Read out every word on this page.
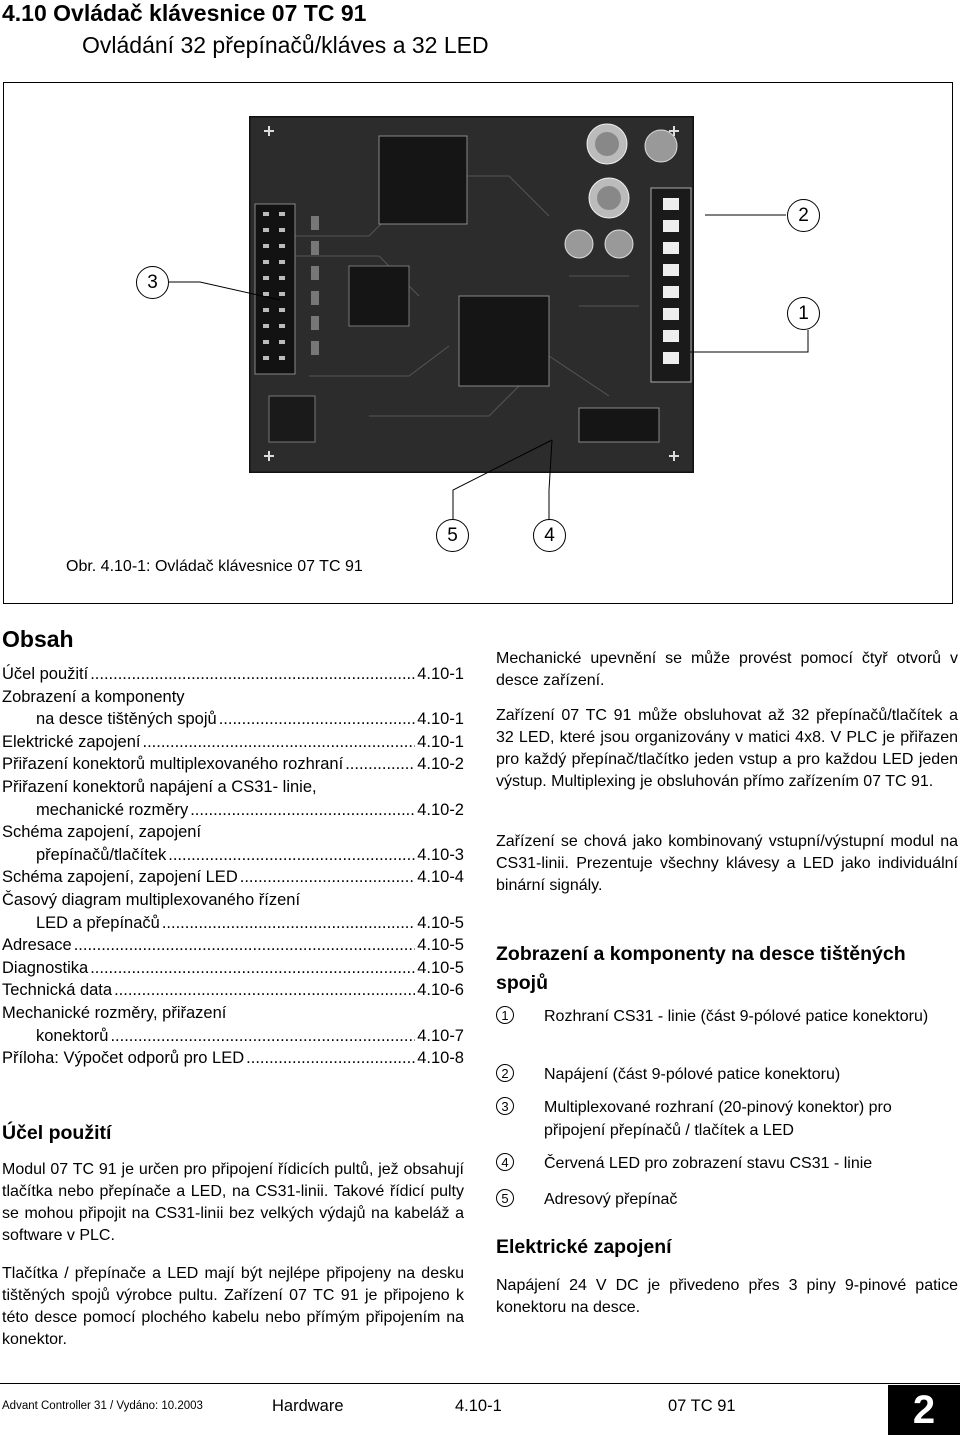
4.10 Ovládač klávesnice 07 TC 91
Ovládání 32 přepínačů/kláves a 32 LED
2
3
1
5	4
Obr. 4.10-1: Ovládač klávesnice 07 TC 91
Obsah
Účel použití .....	4.10-1
Zobrazení a komponenty
na desce tištěných spojů .....	4.10-1
Elektrické zapojení .....	4.10-1
Přiřazení konektorů multiplexovaného rozhraní .....	4.10-2
Přiřazení konektorů napájení a CS31- linie,
mechanické rozměry .....	4.10-2
Schéma zapojení, zapojení
přepínačů/tlačítek .....	4.10-3
Schéma zapojení, zapojení LED .....	4.10-4
Časový diagram multiplexovaného řízení
LED a přepínačů .....	4.10-5
Adresace .....	4.10-5
Diagnostika .....	4.10-5
Technická data .....	4.10-6
Mechanické rozměry, přiřazení
konektorů .....	4.10-7
Příloha: Výpočet odporů pro LED .....	4.10-8
Účel použití
Modul 07 TC 91 je určen pro připojení řídicích pultů, jež obsahují tlačítka nebo přepínače a LED, na CS31-linii. Takové řídicí pulty se mohou připojit na CS31-linii bez velkých výdajů na kabeláž a software v PLC.
Tlačítka / přepínače a LED mají být nejlépe připojeny na desku tištěných spojů výrobce pultu. Zařízení 07 TC 91 je připojeno k této desce pomocí plochého kabelu nebo přímým připojením na konektor.
Mechanické upevnění se může provést pomocí čtyř otvorů v desce zařízení.
Zařízení 07 TC 91 může obsluhovat až 32 přepínačů/tlačítek a 32 LED, které jsou organizovány v matici 4x8. V PLC je přiřazen pro každý přepínač/tlačítko jeden vstup a pro každou LED jeden výstup. Multiplexing je obsluhován přímo zařízením 07 TC 91.
Zařízení se chová jako kombinovaný vstupní/výstupní modul na CS31-linii. Prezentuje všechny klávesy a LED jako individuální binární signály.
Zobrazení a komponenty na desce tištěných spojů
1	Rozhraní CS31 - linie (část 9-pólové patice konektoru)
2	Napájení (část 9-pólové patice konektoru)
3	Multiplexované rozhraní (20-pinový konektor) pro připojení přepínačů / tlačítek a LED
4	Červená LED pro zobrazení stavu CS31 - linie
5	Adresový přepínač
Elektrické zapojení
Napájení 24 V DC je přivedeno přes 3 piny 9-pinové patice konektoru na desce.
Advant Controller 31 / Vydáno: 10.2003	Hardware	4.10-1	07 TC 91	2
